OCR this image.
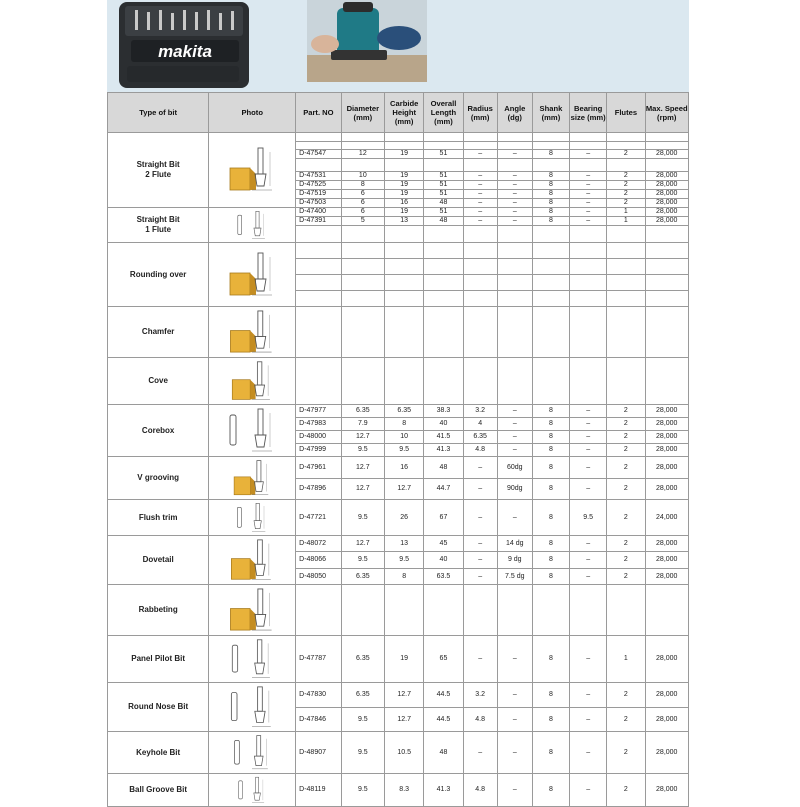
makita
Type of bit	Photo	Part. NO	Diameter (mm)	Carbide Height (mm)	Overall Length (mm)	Radius (mm)	Angle (dg)	Shank (mm)	Bearing size (mm)	Flutes	Max. Speed (rpm)
Straight Bit
2 Flute	

		D-47547	12	19	51	–	–	8	–	2	28,000

		D-47531	10	19	51	–	–	8	–	2	28,000
		D-47525	8	19	51	–	–	8	–	2	28,000
		D-47519	6	19	51	–	–	8	–	2	28,000
		D-47503	6	16	48	–	–	8	–	2	28,000
Straight Bit
1 Flute		D-47400	6	19	51	–	–	8	–	1	28,000
		D-47391	5	13	48	–	–	8	–	1	28,000

Rounding over	

Chamfer	

Cove	

Corebox		D-47977	6.35	6.35	38.3	3.2	–	8	–	2	28,000
		D-47983	7.9	8	40	4	–	8	–	2	28,000
		D-48000	12.7	10	41.5	6.35	–	8	–	2	28,000
		D-47999	9.5	9.5	41.3	4.8	–	8	–	2	28,000
V grooving		D-47961	12.7	16	48	–	60dg	8	–	2	28,000
		D-47896	12.7	12.7	44.7	–	90dg	8	–	2	28,000
Flush trim		D-47721	9.5	26	67	–	–	8	9.5	2	24,000
Dovetail		D-48072	12.7	13	45	–	14 dg	8	–	2	28,000
		D-48066	9.5	9.5	40	–	9 dg	8	–	2	28,000
		D-48050	6.35	8	63.5	–	7.5 dg	8	–	2	28,000
Rabbeting	

Panel Pilot Bit		D-47787	6.35	19	65	–	–	8	–	1	28,000
Round Nose Bit		D-47830	6.35	12.7	44.5	3.2	–	8	–	2	28,000
		D-47846	9.5	12.7	44.5	4.8	–	8	–	2	28,000
Keyhole Bit		D-48907	9.5	10.5	48	–	–	8	–	2	28,000
Ball Groove Bit		D-48119	9.5	8.3	41.3	4.8	–	8	–	2	28,000
